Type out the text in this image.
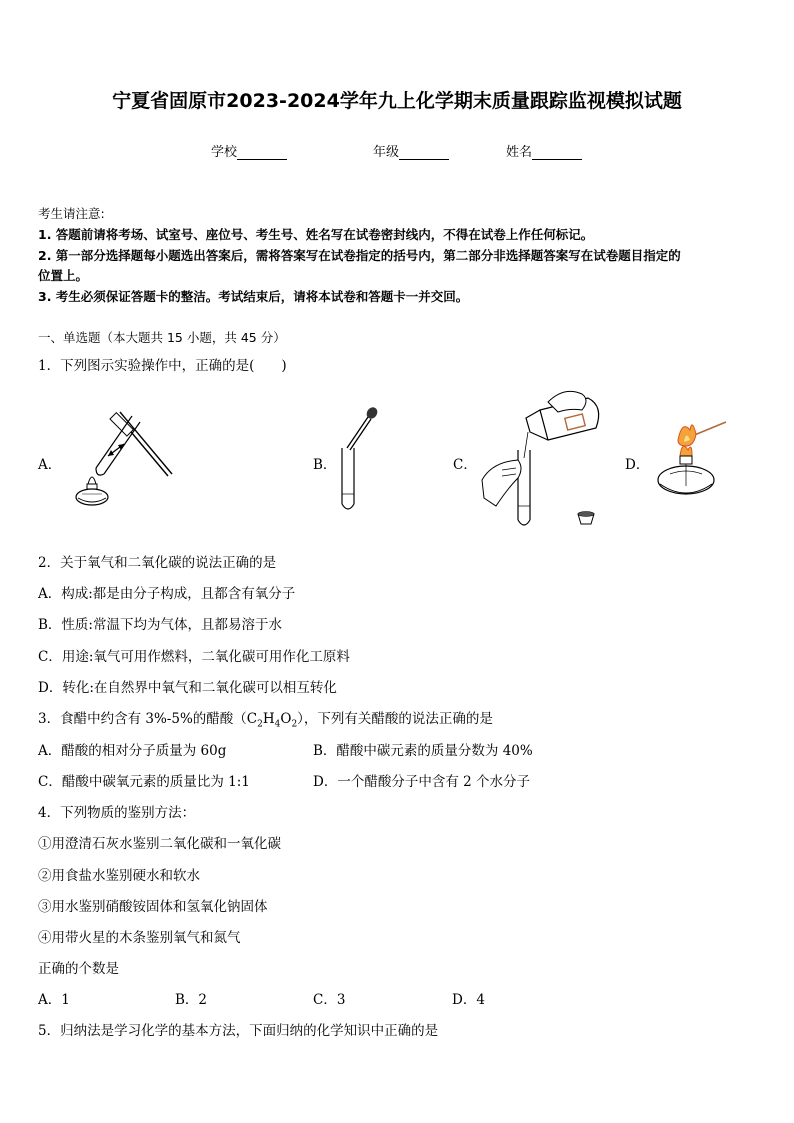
宁夏省固原市2023-2024学年九上化学期末质量跟踪监视模拟试题
学校	年级	姓名
考生请注意:
1. 答题前请将考场、试室号、座位号、考生号、姓名写在试卷密封线内，不得在试卷上作任何标记。
2. 第一部分选择题每小题选出答案后，需将答案写在试卷指定的括号内，第二部分非选择题答案写在试卷题目指定的
位置上。
3. 考生必须保证答题卡的整洁。考试结束后，请将本试卷和答题卡一并交回。
一、单选题（本大题共 15 小题，共 45 分）
1．下列图示实验操作中，正确的是(　　)
A．	B．	C．	D．
2．关于氧气和二氧化碳的说法正确的是
A．构成:都是由分子构成，且都含有氧分子
B．性质:常温下均为气体，且都易溶于水
C．用途:氧气可用作燃料，二氧化碳可用作化工原料
D．转化:在自然界中氧气和二氧化碳可以相互转化
3．食醋中约含有 3%-5%的醋酸$(C_2H_4O_2)$，下列有关醋酸的说法正确的是
A．醋酸的相对分子质量为 60g	B．醋酸中碳元素的质量分数为 40%
C．醋酸中碳氧元素的质量比为 1:1	D．一个醋酸分子中含有 2 个水分子
4．下列物质的鉴别方法：
①用澄清石灰水鉴别二氧化碳和一氧化碳
②用食盐水鉴别硬水和软水
③用水鉴别硝酸铵固体和氢氧化钠固体
④用带火星的木条鉴别氧气和氮气
正确的个数是
A．1	B．2	C．3	D．4
5．归纳法是学习化学的基本方法，下面归纳的化学知识中正确的是
